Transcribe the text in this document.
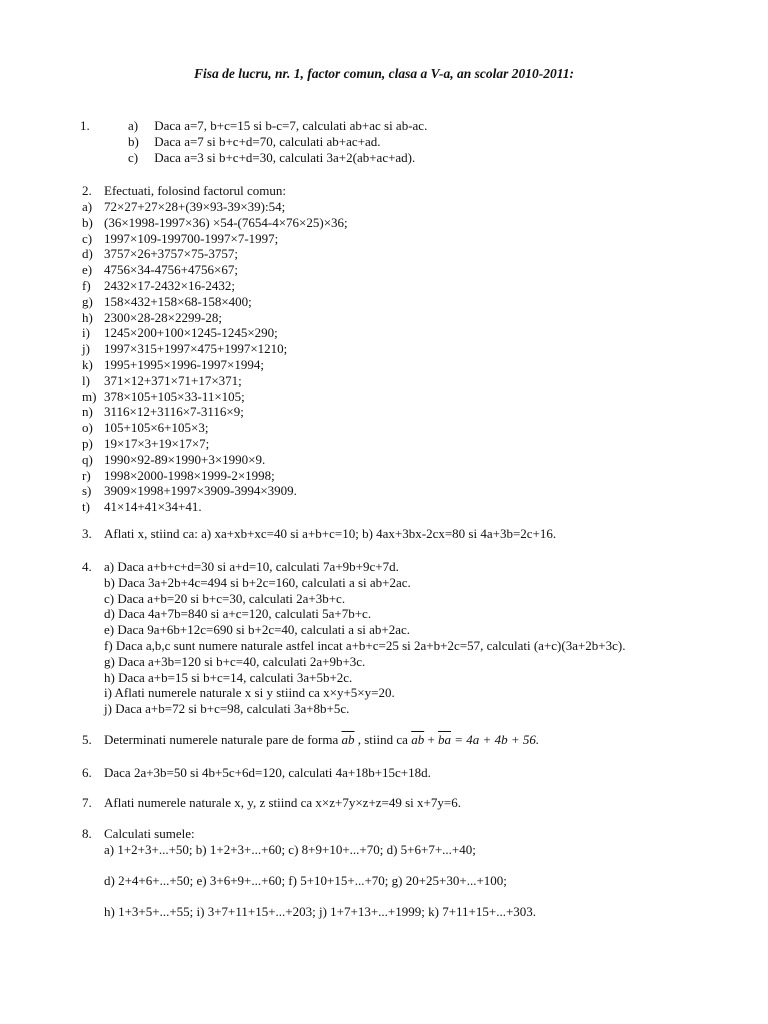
Fisa de lucru, nr. 1, factor comun, clasa a V-a, an scolar 2010-2011:
1.	a) Daca a=7, b+c=15 si b-c=7, calculati ab+ac si ab-ac.
b) Daca a=7 si b+c+d=70, calculati ab+ac+ad.
c) Daca a=3 si b+c+d=30, calculati 3a+2(ab+ac+ad).
2. Efectuati, folosind factorul comun:
a) 72×27+27×28+(39×93-39×39):54;
b) (36×1998-1997×36) ×54-(7654-4×76×25)×36;
c) 1997×109-199700-1997×7-1997;
d) 3757×26+3757×75-3757;
e) 4756×34-4756+4756×67;
f) 2432×17-2432×16-2432;
g) 158×432+158×68-158×400;
h) 2300×28-28×2299-28;
i) 1245×200+100×1245-1245×290;
j) 1997×315+1997×475+1997×1210;
k) 1995+1995×1996-1997×1994;
l) 371×12+371×71+17×371;
m) 378×105+105×33-11×105;
n) 3116×12+3116×7-3116×9;
o) 105+105×6+105×3;
p) 19×17×3+19×17×7;
q) 1990×92-89×1990+3×1990×9.
r) 1998×2000-1998×1999-2×1998;
s) 3909×1998+1997×3909-3994×3909.
t) 41×14+41×34+41.
3. Aflati x, stiind ca: a) xa+xb+xc=40 si a+b+c=10; b) 4ax+3bx-2cx=80 si 4a+3b=2c+16.
4. a) Daca a+b+c+d=30 si a+d=10, calculati 7a+9b+9c+7d.
b) Daca 3a+2b+4c=494 si b+2c=160, calculati a si ab+2ac.
c) Daca a+b=20 si b+c=30, calculati 2a+3b+c.
d) Daca 4a+7b=840 si a+c=120, calculati 5a+7b+c.
e) Daca 9a+6b+12c=690 si b+2c=40, calculati a si ab+2ac.
f) Daca a,b,c sunt numere naturale astfel incat a+b+c=25 si 2a+b+2c=57, calculati (a+c)(3a+2b+3c).
g) Daca a+3b=120 si b+c=40, calculati 2a+9b+3c.
h) Daca a+b=15 si b+c=14, calculati 3a+5b+2c.
i) Aflati numerele naturale x si y stiind ca x×y+5×y=20.
j) Daca a+b=72 si b+c=98, calculati 3a+8b+5c.
5. Determinati numerele naturale pare de forma $\overline{ab}$ , stiind ca $\overline{ab} + \overline{ba} = 4a + 4b + 56$.
6. Daca 2a+3b=50 si 4b+5c+6d=120, calculati 4a+18b+15c+18d.
7. Aflati numerele naturale x, y, z stiind ca x×z+7y×z+z=49 si x+7y=6.
8. Calculati sumele:
a) 1+2+3+...+50; b) 1+2+3+...+60; c) 8+9+10+...+70; d) 5+6+7+...+40;
d) 2+4+6+...+50; e) 3+6+9+...+60; f) 5+10+15+...+70; g) 20+25+30+...+100;
h) 1+3+5+...+55; i) 3+7+11+15+...+203; j) 1+7+13+...+1999; k) 7+11+15+...+303.
